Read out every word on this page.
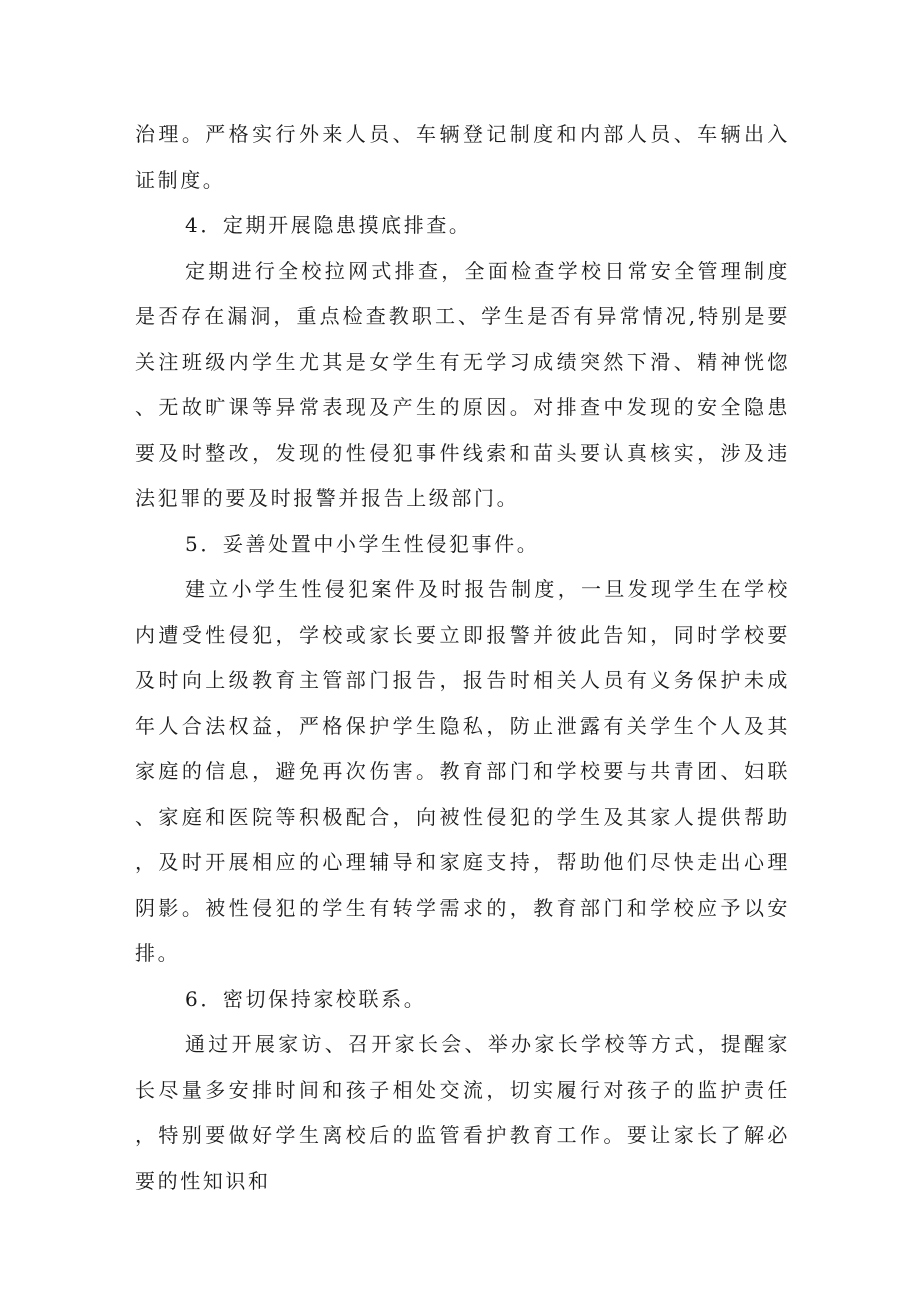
治理。严格实行外来人员、车辆登记制度和内部人员、车辆出入证制度。

4．定期开展隐患摸底排查。

定期进行全校拉网式排查，全面检查学校日常安全管理制度是否存在漏洞，重点检查教职工、学生是否有异常情况,特别是要关注班级内学生尤其是女学生有无学习成绩突然下滑、精神恍惚、无故旷课等异常表现及产生的原因。对排查中发现的安全隐患要及时整改，发现的性侵犯事件线索和苗头要认真核实，涉及违法犯罪的要及时报警并报告上级部门。

5．妥善处置中小学生性侵犯事件。

建立小学生性侵犯案件及时报告制度，一旦发现学生在学校内遭受性侵犯，学校或家长要立即报警并彼此告知，同时学校要及时向上级教育主管部门报告，报告时相关人员有义务保护未成年人合法权益，严格保护学生隐私，防止泄露有关学生个人及其家庭的信息，避免再次伤害。教育部门和学校要与共青团、妇联、家庭和医院等积极配合，向被性侵犯的学生及其家人提供帮助，及时开展相应的心理辅导和家庭支持，帮助他们尽快走出心理阴影。被性侵犯的学生有转学需求的，教育部门和学校应予以安排。

6．密切保持家校联系。

通过开展家访、召开家长会、举办家长学校等方式，提醒家长尽量多安排时间和孩子相处交流，切实履行对孩子的监护责任，特别要做好学生离校后的监管看护教育工作。要让家长了解必要的性知识和
